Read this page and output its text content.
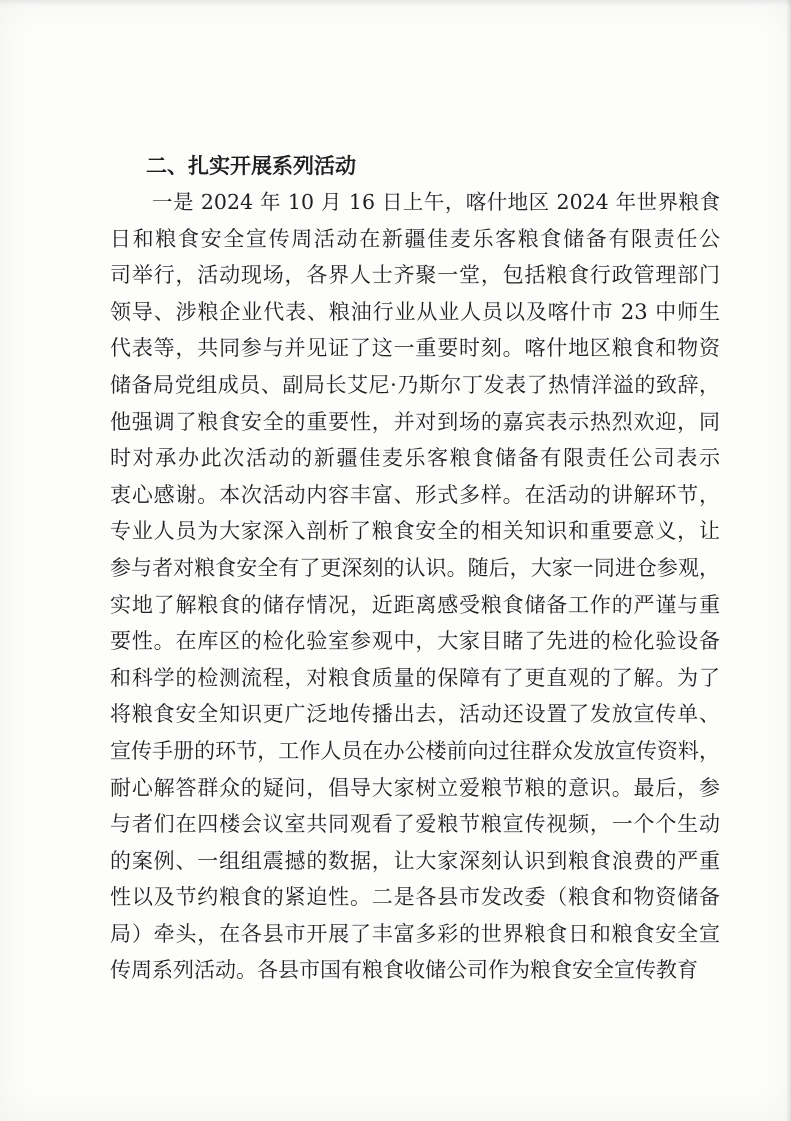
二、扎实开展系列活动
一是 2024 年 10 月 16 日上午，喀什地区 2024 年世界粮食
日和粮食安全宣传周活动在新疆佳麦乐客粮食储备有限责任公
司举行，活动现场，各界人士齐聚一堂，包括粮食行政管理部门
领导、涉粮企业代表、粮油行业从业人员以及喀什市 23 中师生
代表等，共同参与并见证了这一重要时刻。喀什地区粮食和物资
储备局党组成员、副局长艾尼·乃斯尔丁发表了热情洋溢的致辞，
他强调了粮食安全的重要性，并对到场的嘉宾表示热烈欢迎，同
时对承办此次活动的新疆佳麦乐客粮食储备有限责任公司表示
衷心感谢。本次活动内容丰富、形式多样。在活动的讲解环节，
专业人员为大家深入剖析了粮食安全的相关知识和重要意义，让
参与者对粮食安全有了更深刻的认识。随后，大家一同进仓参观，
实地了解粮食的储存情况，近距离感受粮食储备工作的严谨与重
要性。在库区的检化验室参观中，大家目睹了先进的检化验设备
和科学的检测流程，对粮食质量的保障有了更直观的了解。为了
将粮食安全知识更广泛地传播出去，活动还设置了发放宣传单、
宣传手册的环节，工作人员在办公楼前向过往群众发放宣传资料，
耐心解答群众的疑问，倡导大家树立爱粮节粮的意识。最后，参
与者们在四楼会议室共同观看了爱粮节粮宣传视频，一个个生动
的案例、一组组震撼的数据，让大家深刻认识到粮食浪费的严重
性以及节约粮食的紧迫性。二是各县市发改委（粮食和物资储备
局）牵头，在各县市开展了丰富多彩的世界粮食日和粮食安全宣
传周系列活动。各县市国有粮食收储公司作为粮食安全宣传教育
